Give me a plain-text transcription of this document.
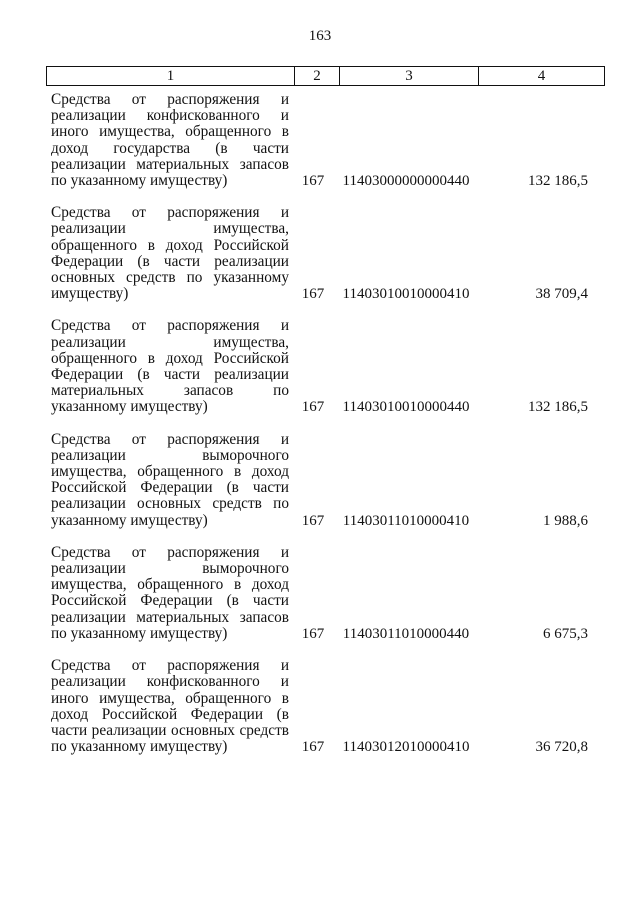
163
1	2	3	4
Средства от распоряжения и реализации конфискованного и иного имущества, обращенного в доход государства (в части реализации материальных запасов по указанному имуществу)	167	11403000000000440	132 186,5
Средства от распоряжения и реализации имущества, обращенного в доход Российской Федерации (в части реализации основных средств по указанному имуществу)	167	11403010010000410	38 709,4
Средства от распоряжения и реализации имущества, обращенного в доход Российской Федерации (в части реализации материальных запасов по указанному имуществу)	167	11403010010000440	132 186,5
Средства от распоряжения и реализации выморочного имущества, обращенного в доход Российской Федерации (в части реализации основных средств по указанному имуществу)	167	11403011010000410	1 988,6
Средства от распоряжения и реализации выморочного имущества, обращенного в доход Российской Федерации (в части реализации материальных запасов по указанному имуществу)	167	11403011010000440	6 675,3
Средства от распоряжения и реализации конфискованного и иного имущества, обращенного в доход Российской Федерации (в части реализации основных средств по указанному имуществу)	167	11403012010000410	36 720,8
